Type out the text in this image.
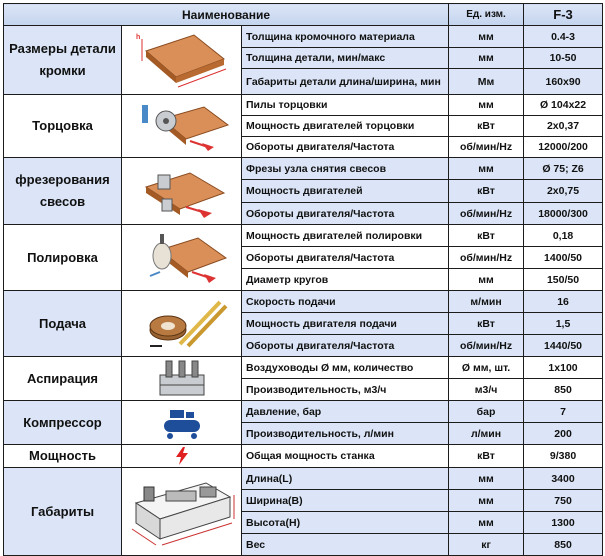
Наименование			Ед. изм.	F-3
Размеры детали кромки	h	Толщина кромочного материала	мм	0.4-3
		Толщина детали, мин/макс	мм	10-50
		Габариты детали длина/ширина, мин	Мм	160х90
Торцовка		Пилы торцовки	мм	Ø 104х22
		Мощность двигателей торцовки	кВт	2х0,37
		Обороты двигателя/Частота	об/мин/Hz	12000/200
фрезерования свесов		Фрезы узла снятия свесов	мм	Ø 75; Z6
		Мощность двигателей	кВт	2х0,75
		Обороты двигателя/Частота	об/мин/Hz	18000/300
Полировка		Мощность двигателей полировки	кВт	0,18
		Обороты двигателя/Частота	об/мин/Hz	1400/50
		Диаметр кругов	мм	150/50
Подача		Скорость подачи	м/мин	16
		Мощность двигателя подачи	кВт	1,5
		Обороты двигателя/Частота	об/мин/Hz	1440/50
Аспирация		Воздуховоды Ø мм, количество	Ø мм, шт.	1х100
		Производительность, м3/ч	м3/ч	850
Компрессор		Давление, бар	бар	7
		Производительность, л/мин	л/мин	200
Мощность		Общая мощность станка	кВт	9/380
Габариты		Длина(L)	мм	3400
		Ширина(B)	мм	750
		Высота(H)	мм	1300
		Вес	кг	850
